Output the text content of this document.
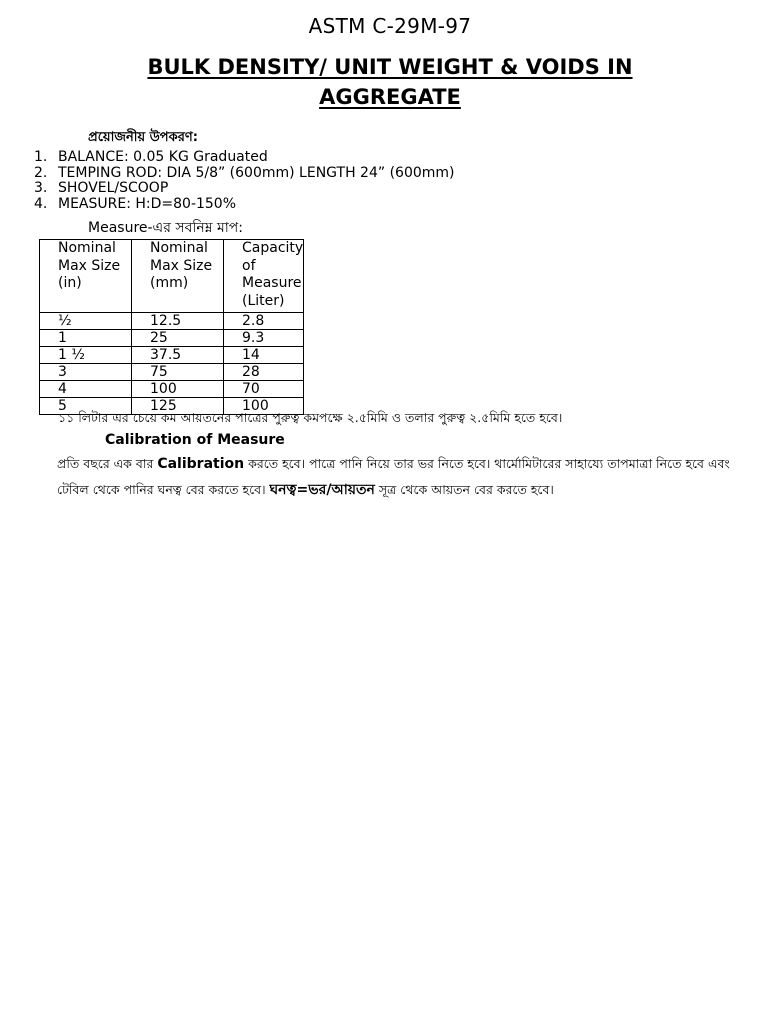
ASTM C-29M-97
BULK DENSITY/ UNIT WEIGHT & VOIDS IN
AGGREGATE
প্রয়োজনীয় উপকরণ:
1. BALANCE: 0.05 KG Graduated
2. TEMPING ROD: DIA 5/8” (600mm) LENGTH 24” (600mm)
3. SHOVEL/SCOOP
4. MEASURE: H:D=80-150%
Measure-এর সবনিম্ন মাপ:
Nominal
Max Size
(in)	Nominal
Max Size
(mm)	Capacity
of
Measure
(Liter)
½	12.5	2.8
1	25	9.3
1 ½	37.5	14
3	75	28
4	100	70
5	125	100
১১ লিটার এর চেয়ে কম আয়তনের পাত্রের পুরুত্ব কমপক্ষে ২.৫মিমি ও তলার পুরুত্ব ২.৫মিমি হতে হবে।
Calibration of Measure
প্রতি বছরে এক বার Calibration করতে হবে। পাত্রে পানি নিয়ে তার ভর নিতে হবে। থার্মোমিটারের সাহায্যে তাপমাত্রা নিতে হবে এবং টেবিল থেকে পানির ঘনত্ব বের করতে হবে। ঘনত্ব=ভর/আয়তন সূত্র থেকে আয়তন বের করতে হবে।
